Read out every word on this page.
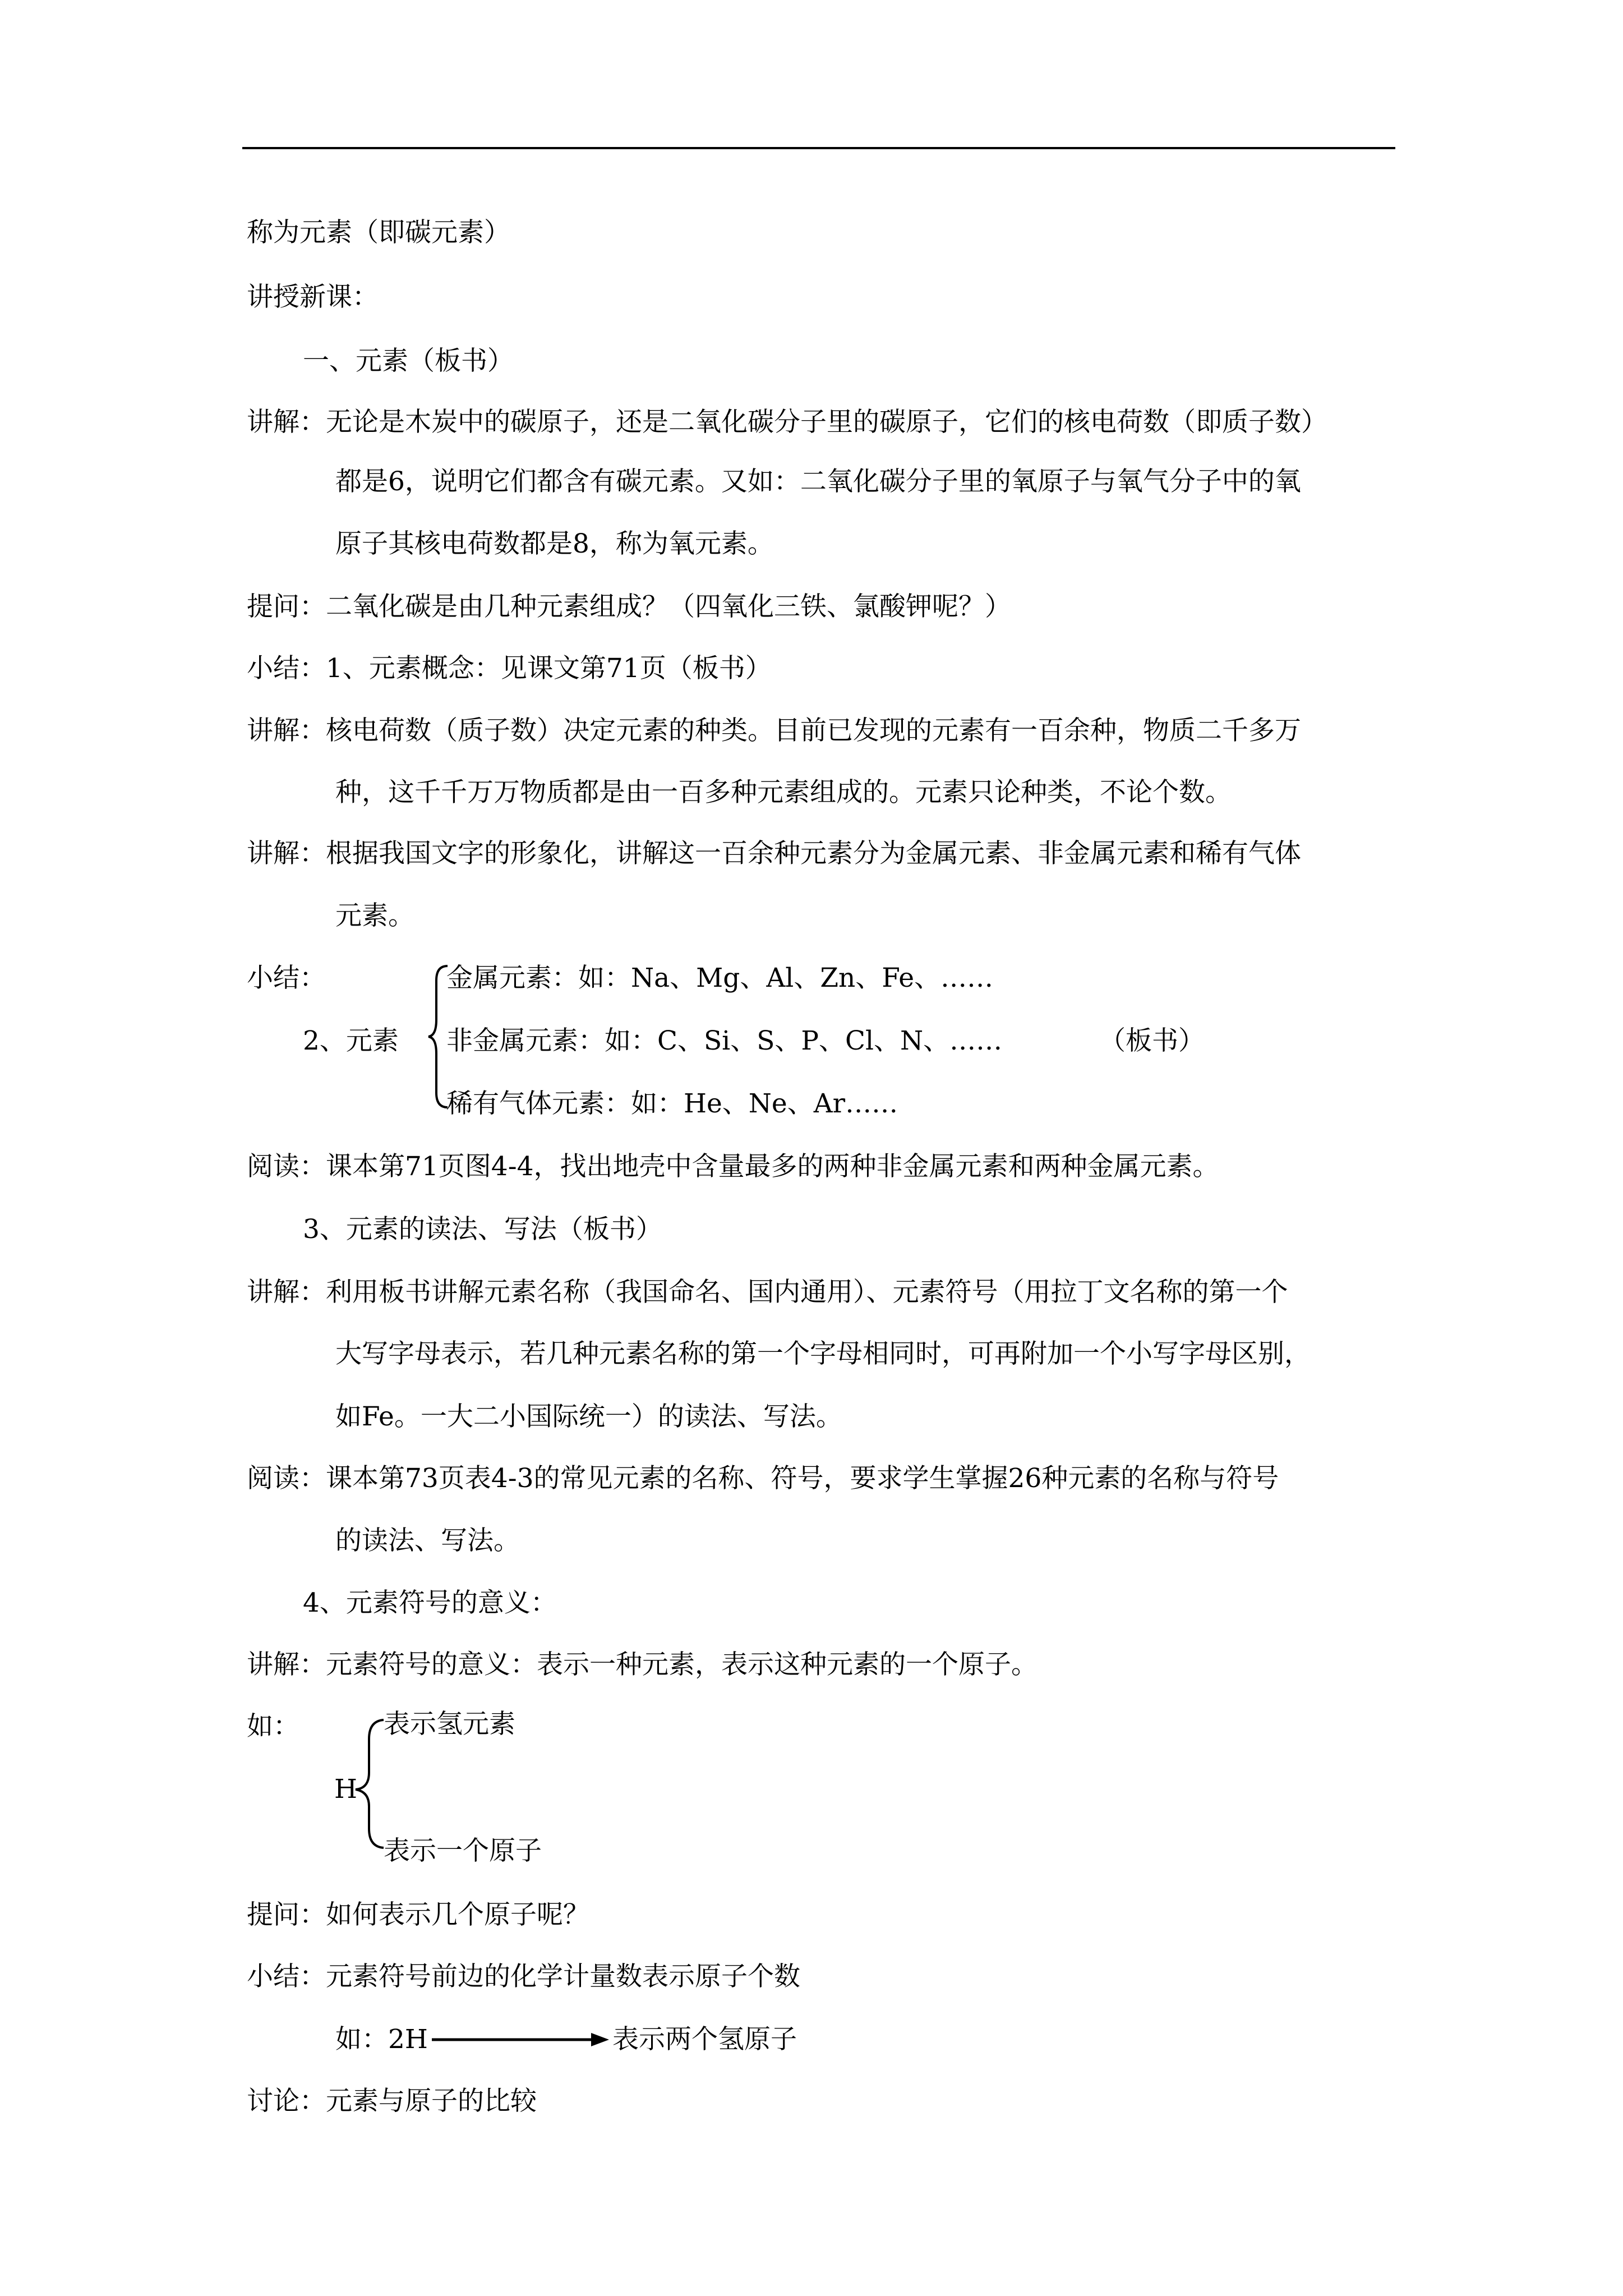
称为元素（即碳元素）
讲授新课：
一、元素（板书）
讲解：无论是木炭中的碳原子，还是二氧化碳分子里的碳原子，它们的核电荷数（即质子数）
都是6，说明它们都含有碳元素。又如：二氧化碳分子里的氧原子与氧气分子中的氧
原子其核电荷数都是8，称为氧元素。
提问：二氧化碳是由几种元素组成？（四氧化三铁、氯酸钾呢？）
小结：1、元素概念：见课文第71页（板书）
讲解：核电荷数（质子数）决定元素的种类。目前已发现的元素有一百余种，物质二千多万
种，这千千万万物质都是由一百多种元素组成的。元素只论种类，不论个数。
讲解：根据我国文字的形象化，讲解这一百余种元素分为金属元素、非金属元素和稀有气体
元素。
小结：
2、元素
金属元素：如：Na、Mg、Al、Zn、Fe、……
非金属元素：如：C、Si、S、P、Cl、N、……	（板书）
稀有气体元素：如：He、Ne、Ar……
阅读：课本第71页图4-4，找出地壳中含量最多的两种非金属元素和两种金属元素。
3、元素的读法、写法（板书）
讲解：利用板书讲解元素名称（我国命名、国内通用）、元素符号（用拉丁文名称的第一个
大写字母表示，若几种元素名称的第一个字母相同时，可再附加一个小写字母区别，
如Fe。一大二小国际统一）的读法、写法。
阅读：课本第73页表4-3的常见元素的名称、符号，要求学生掌握26种元素的名称与符号
的读法、写法。
4、元素符号的意义：
讲解：元素符号的意义：表示一种元素，表示这种元素的一个原子。
如：
H
表示氢元素
表示一个原子
提问：如何表示几个原子呢？
小结：元素符号前边的化学计量数表示原子个数
如：2H	表示两个氢原子
讨论：元素与原子的比较
